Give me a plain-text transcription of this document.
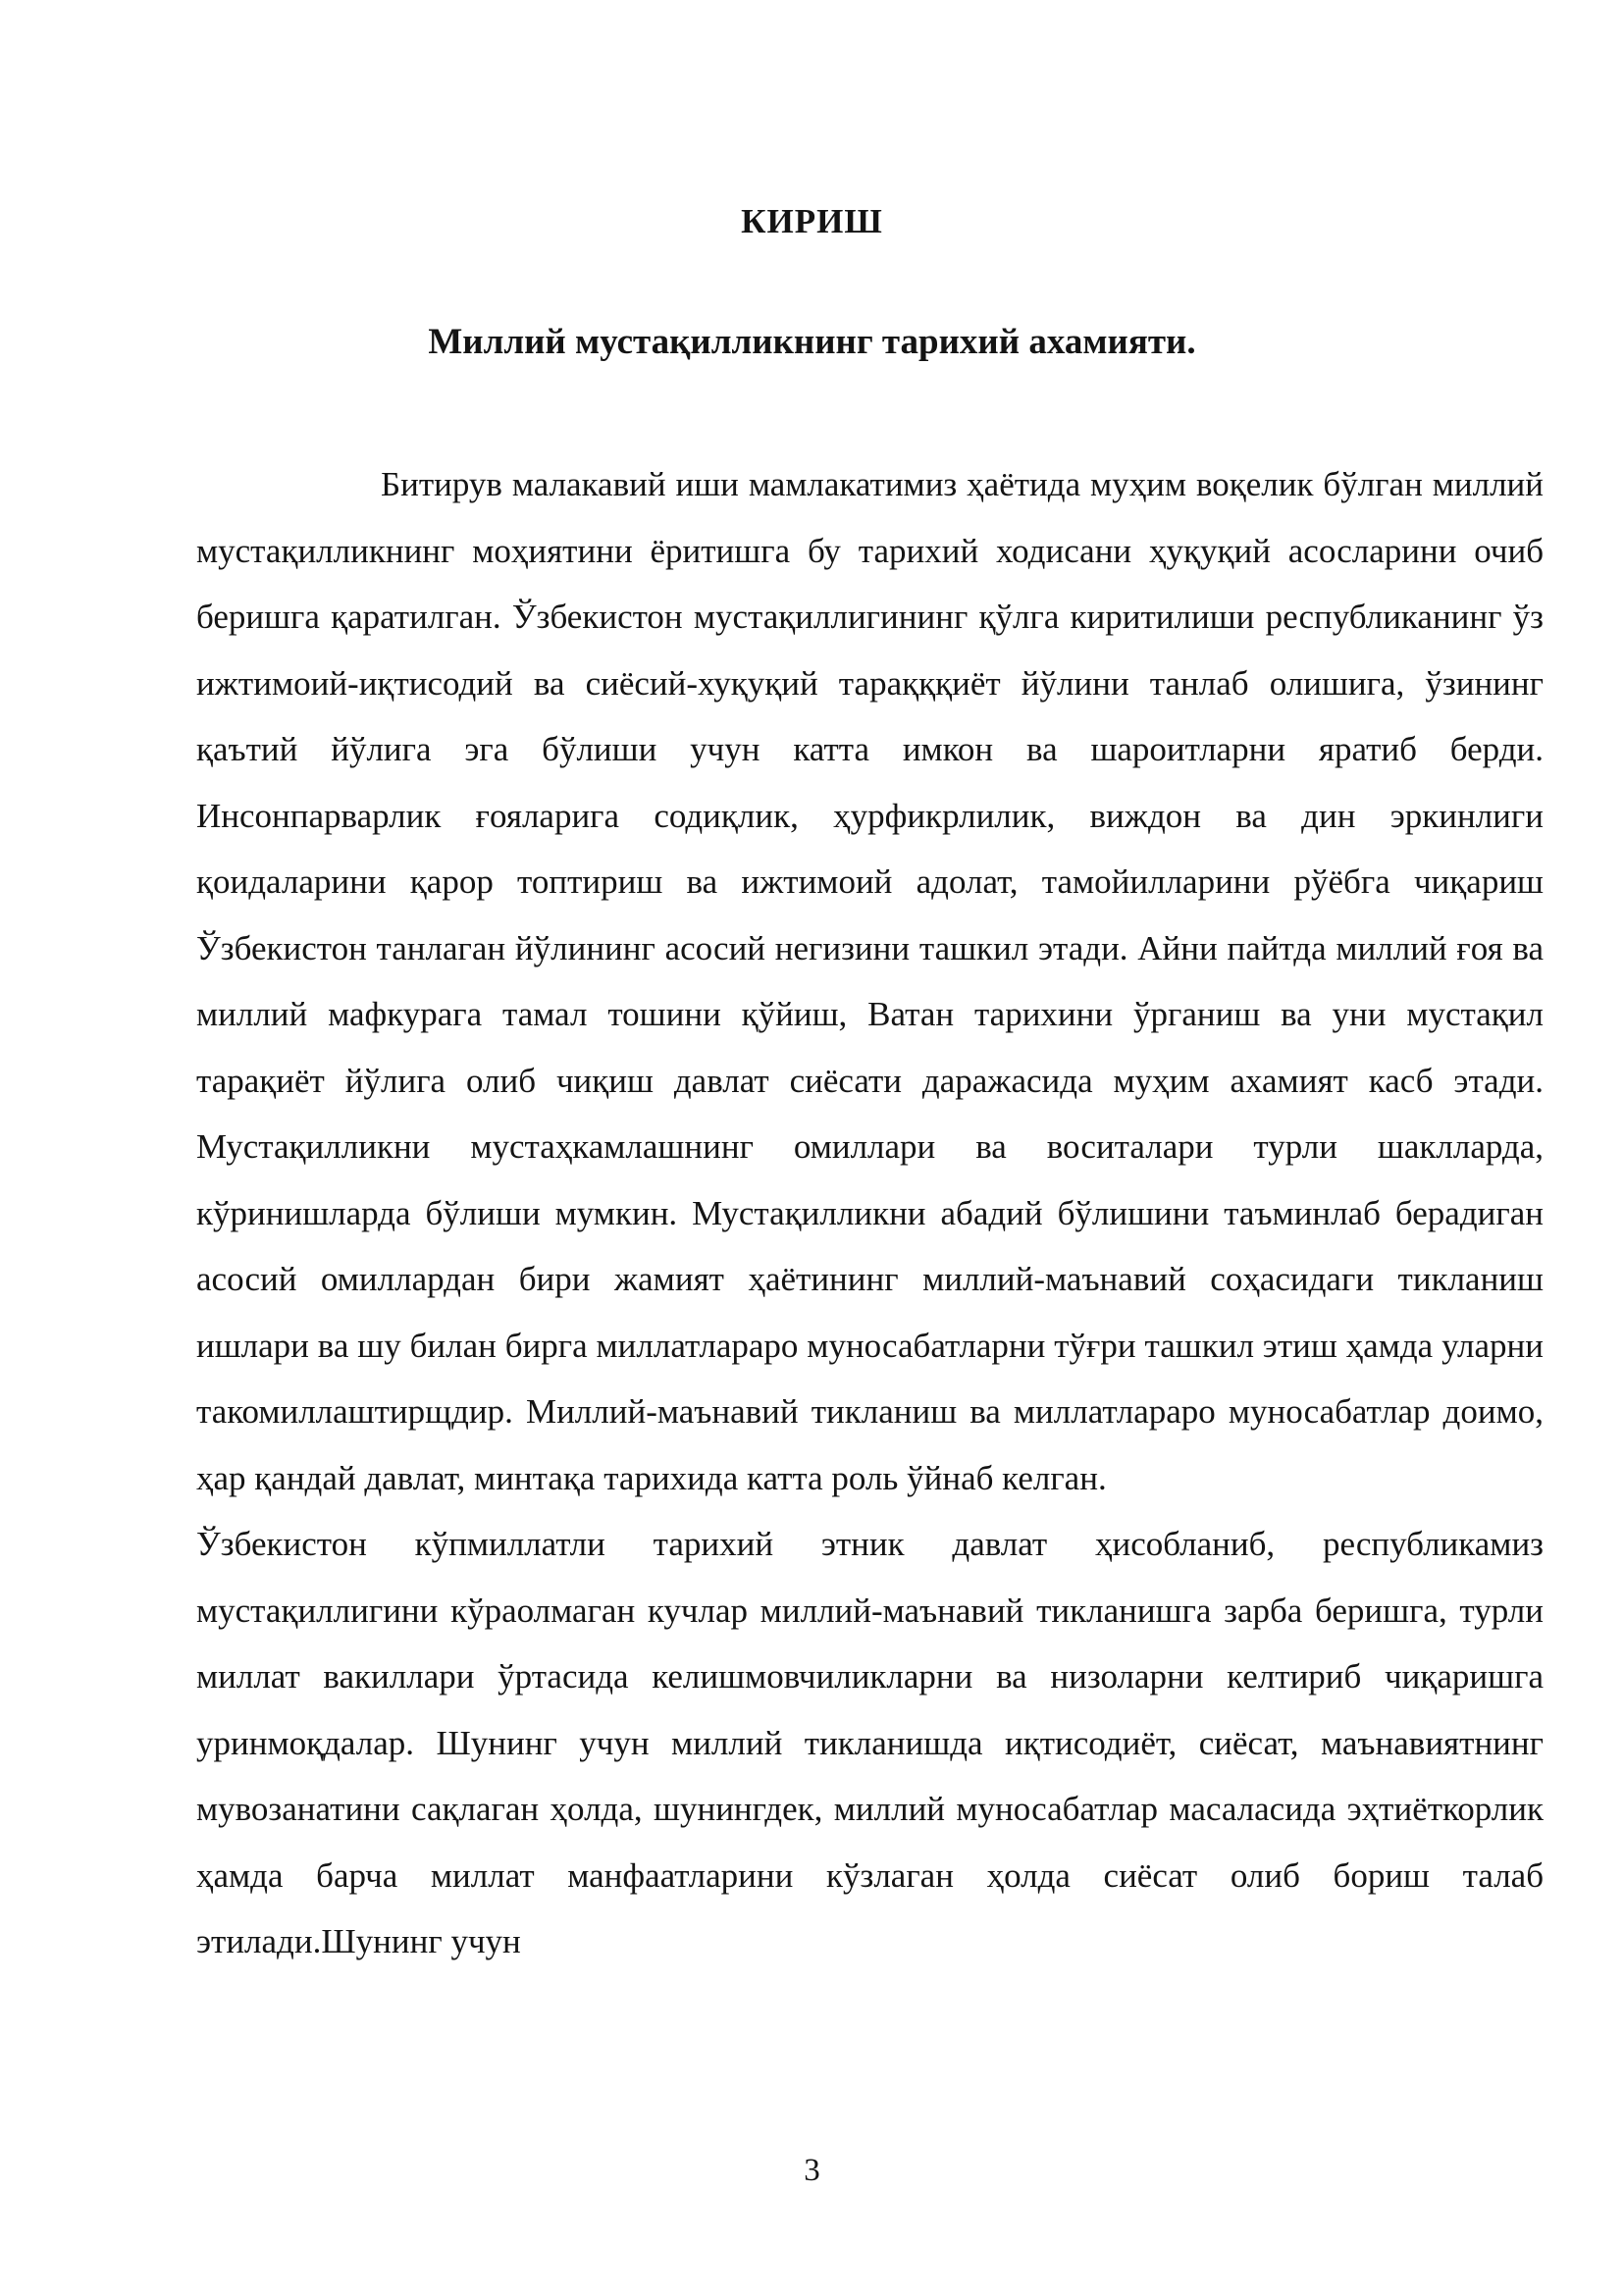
КИРИШ
Миллий мустақилликнинг тарихий ахамияти.

Битирув малакавий иши мамлакатимиз ҳаётида муҳим воқелик бўлган миллий мустақилликнинг моҳиятини ёритишга бу тарихий ходисани ҳуқуқий асосларини очиб беришга қаратилган. Ўзбекистон мустақиллигининг қўлга киритилиши республиканинг ўз ижтимоий-иқтисодий ва сиёсий-хуқуқий тарақққиёт йўлини танлаб олишига, ўзининг қаътий йўлига эга бўлиши учун катта имкон ва шароитларни яратиб берди. Инсонпарварлик ғояларига содиқлик, ҳурфикрлилик, виждон ва дин эркинлиги қоидаларини қарор топтириш ва ижтимоий адолат, тамойилларини рўёбга чиқариш Ўзбекистон танлаган йўлининг асосий негизини ташкил этади. Айни пайтда миллий ғоя ва миллий мафкурага тамал тошини қўйиш, Ватан тарихини ўрганиш ва уни мустақил тарақиёт йўлига олиб чиқиш давлат сиёсати даражасида муҳим ахамият касб этади. Мустақилликни мустаҳкамлашнинг омиллари ва воситалари турли шаклларда, кўринишларда бўлиши мумкин. Мустақилликни абадий бўлишини таъминлаб берадиган асосий омиллардан бири жамият ҳаётининг миллий-маънавий соҳасидаги тикланиш ишлари ва шу билан бирга миллатлараро муносабатларни тўғри ташкил этиш ҳамда уларни такомиллаштирщдир. Миллий-маънавий тикланиш ва миллатлараро муносабатлар доимо, ҳар қандай давлат, минтақа тарихида катта роль ўйнаб келган.

Ўзбекистон кўпмиллатли тарихий этник давлат ҳисобланиб, республикамиз мустақиллигини кўраолмаган кучлар миллий-маънавий тикланишга зарба беришга, турли миллат вакиллари ўртасида келишмовчиликларни ва низоларни келтириб чиқаришга уринмоқдалар. Шунинг учун миллий тикланишда иқтисодиёт, сиёсат, маънавиятнинг мувозанатини сақлаган ҳолда, шунингдек, миллий муносабатлар масаласида эҳтиёткорлик ҳамда барча миллат манфаатларини кўзлаган ҳолда сиёсат олиб бориш талаб этилади.Шунинг учун

3
